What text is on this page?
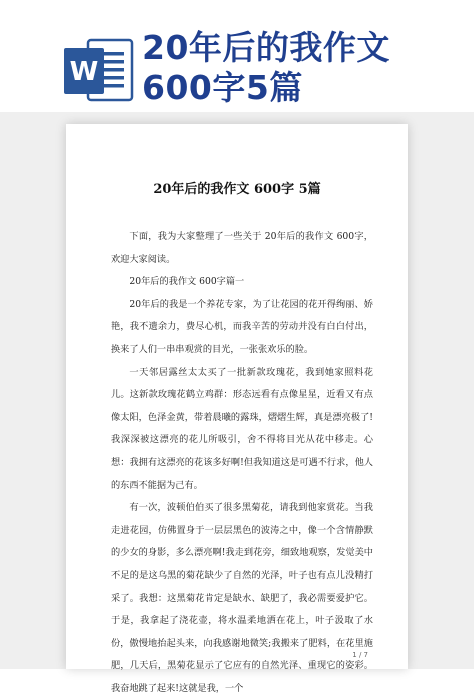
W
20年后的我作文
600字5篇
20年后的我作文 600字 5篇

下面，我为大家整理了一些关于 20年后的我作文 600字，欢迎大家阅读。

20年后的我作文 600字篇一

20年后的我是一个养花专家，为了让花园的花开得绚丽、娇艳，我不遗余力，费尽心机，而我辛苦的劳动并没有白白付出，换来了人们一串串观赏的目光，一张张欢乐的脸。

一天邻居露丝太太买了一批新款玫瑰花，我到她家照料花儿。这新款玫瑰花鹤立鸡群：形态远看有点像星星，近看又有点像太阳，色泽金黄，带着晨曦的露珠，熠熠生辉，真是漂亮极了!我深深被这漂亮的花儿所吸引，舍不得将目光从花中移走。心想：我拥有这漂亮的花该多好啊!但我知道这是可遇不行求，他人的东西不能据为己有。

有一次，波顿伯伯买了很多黑菊花，请我到他家赏花。当我走进花园，仿佛置身于一层层黑色的波涛之中，像一个含情静默的少女的身影，多么漂亮啊!我走到花旁，细致地观察，发觉美中不足的是这乌黑的菊花缺少了自然的光泽，叶子也有点儿没精打采了。我想：这黑菊花肯定是缺水、缺肥了，我必需要爱护它。于是，我拿起了浇花壶，将水温柔地洒在花上，叶子汲取了水份，傲慢地抬起头来，向我感谢地微笑;我搬来了肥料，在花里施肥，几天后，黑菊花显示了它应有的自然光泽、重现它的姿彩。我奋地跳了起来!这就是我，一个

1 / 7
